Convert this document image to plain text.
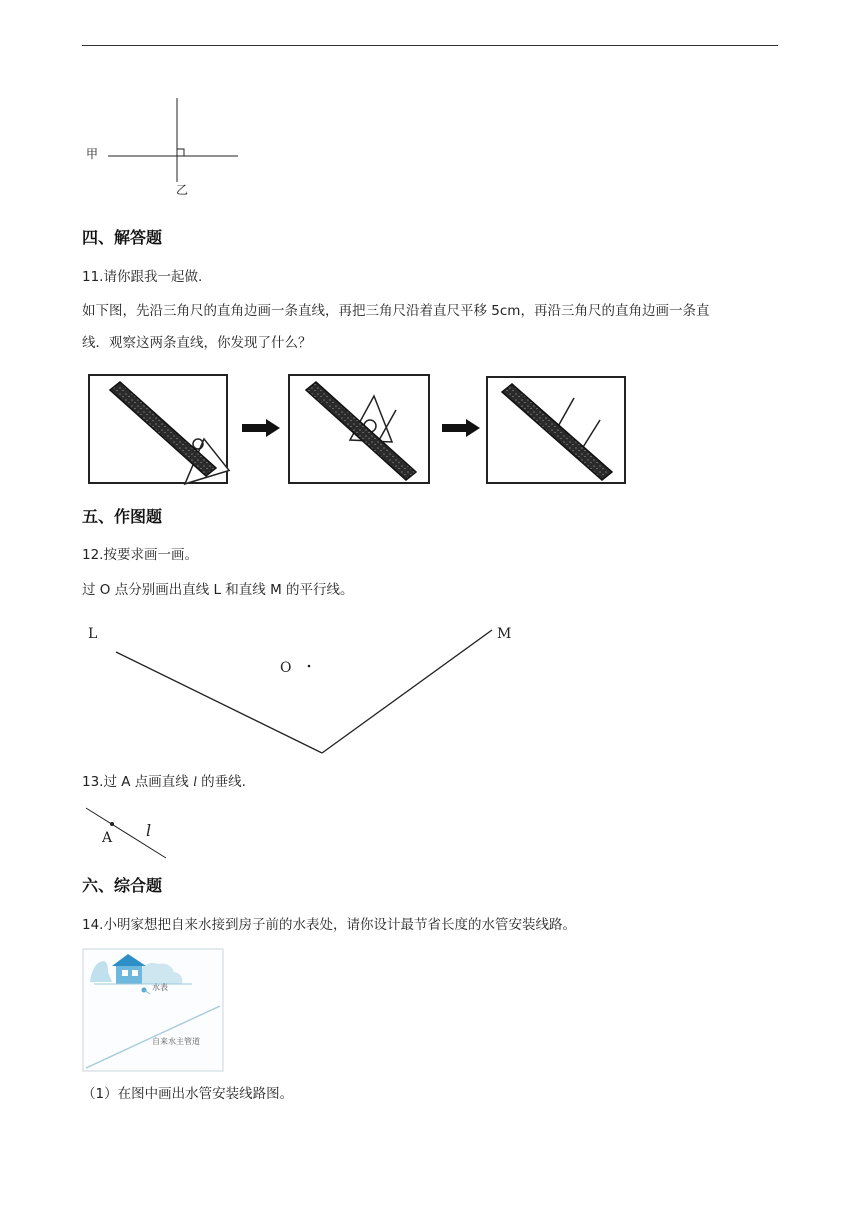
甲
乙
四、解答题
11.请你跟我一起做.
如下图，先沿三角尺的直角边画一条直线，再把三角尺沿着直尺平移 5cm，再沿三角尺的直角边画一条直
线．观察这两条直线，你发现了什么？
五、作图题
12.按要求画一画。
过 O 点分别画出直线 L 和直线 M 的平行线。
L	M
O
13.过 A 点画直线 l 的垂线.
A l
六、综合题
14.小明家想把自来水接到房子前的水表处，请你设计最节省长度的水管安装线路。
水表
自来水主管道
（1）在图中画出水管安装线路图。
